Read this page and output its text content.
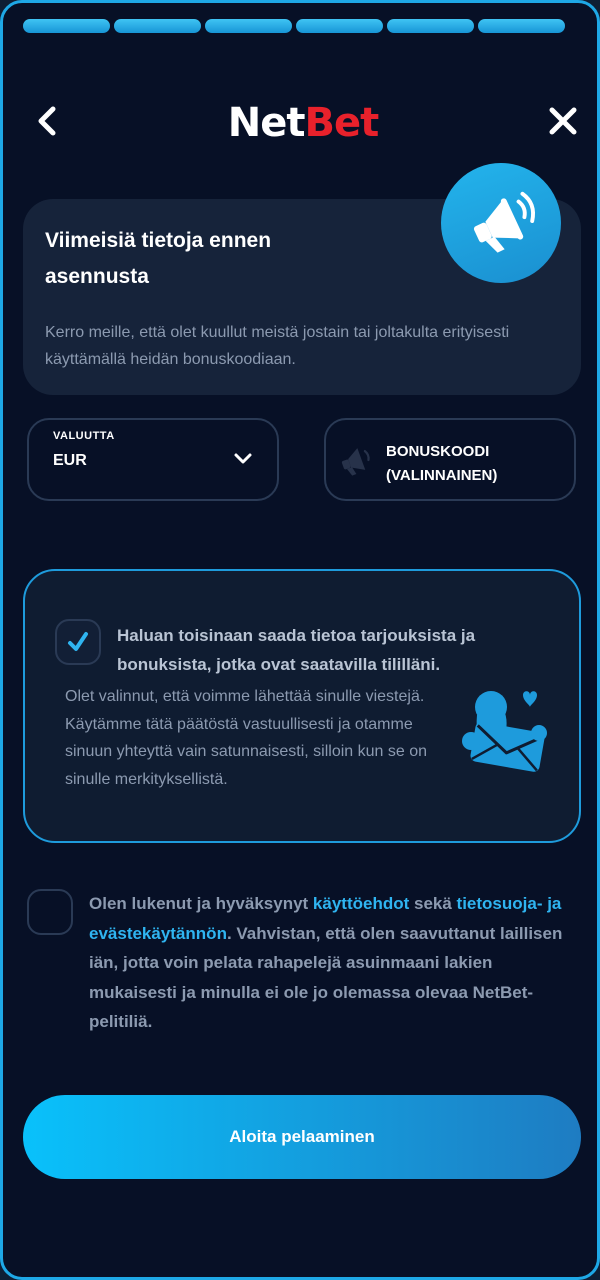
NetBet
Viimeisiä tietoja ennen asennusta
Kerro meille, että olet kuullut meistä jostain tai joltakulta erityisesti käyttämällä heidän bonuskoodiaan.
VALUUTTA
EUR
BONUSKOODI (VALINNAINEN)
Haluan toisinaan saada tietoa tarjouksista ja bonuksista, jotka ovat saatavilla tililläni.
Olet valinnut, että voimme lähettää sinulle viestejä. Käytämme tätä päätöstä vastuullisesti ja otamme sinuun yhteyttä vain satunnaisesti, silloin kun se on sinulle merkityksellistä.
Olen lukenut ja hyväksynyt käyttöehdot sekä tietosuoja- ja evästekäytännön. Vahvistan, että olen saavuttanut laillisen iän, jotta voin pelata rahapelejä asuinmaani lakien mukaisesti ja minulla ei ole jo olemassa olevaa NetBet-pelitiliä.
Aloita pelaaminen
